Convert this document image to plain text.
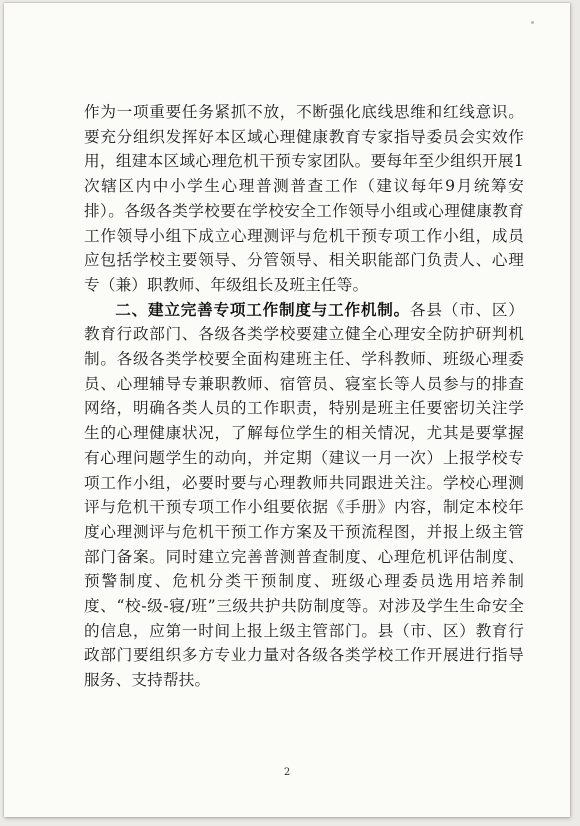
作为一项重要任务紧抓不放，不断强化底线思维和红线意识。要充分组织发挥好本区域心理健康教育专家指导委员会实效作用，组建本区域心理危机干预专家团队。要每年至少组织开展1次辖区内中小学生心理普测普查工作（建议每年9月统筹安排）。各级各类学校要在学校安全工作领导小组或心理健康教育工作领导小组下成立心理测评与危机干预专项工作小组，成员应包括学校主要领导、分管领导、相关职能部门负责人、心理专（兼）职教师、年级组长及班主任等。

二、建立完善专项工作制度与工作机制。各县（市、区）教育行政部门、各级各类学校要建立健全心理安全防护研判机制。各级各类学校要全面构建班主任、学科教师、班级心理委员、心理辅导专兼职教师、宿管员、寝室长等人员参与的排查网络，明确各类人员的工作职责，特别是班主任要密切关注学生的心理健康状况，了解每位学生的相关情况，尤其是要掌握有心理问题学生的动向，并定期（建议一月一次）上报学校专项工作小组，必要时要与心理教师共同跟进关注。学校心理测评与危机干预专项工作小组要依据《手册》内容，制定本校年度心理测评与危机干预工作方案及干预流程图，并报上级主管部门备案。同时建立完善普测普查制度、心理危机评估制度、预警制度、危机分类干预制度、班级心理委员选用培养制度、“校-级-寝/班”三级共护共防制度等。对涉及学生生命安全的信息，应第一时间上报上级主管部门。县（市、区）教育行政部门要组织多方专业力量对各级各类学校工作开展进行指导服务、支持帮扶。

2
